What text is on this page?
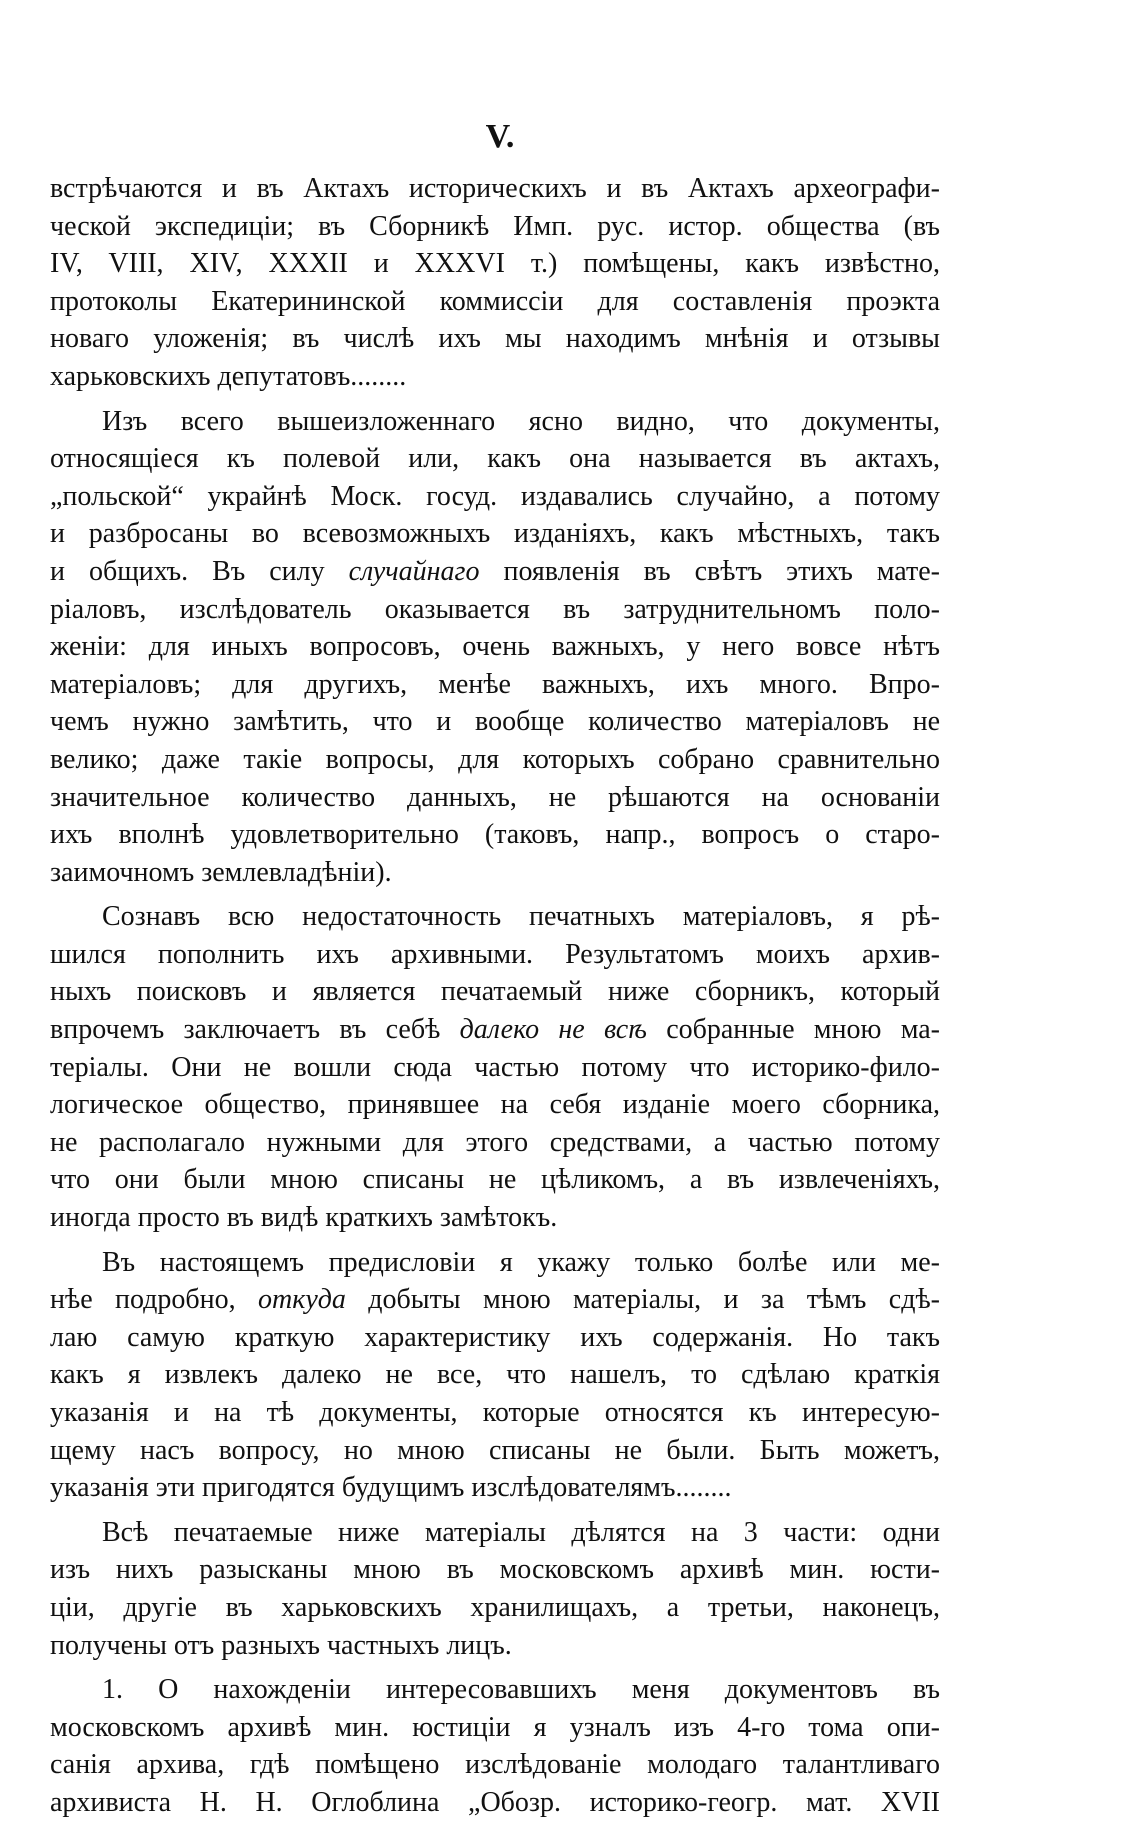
V.
встрѣчаются и въ Актахъ историческихъ и въ Актахъ археографи-
ческой экспедиціи; въ Сборникѣ Имп. рус. истор. общества (въ
IV, VIII, XIV, XXXII и XXXVI т.) помѣщены, какъ извѣстно,
протоколы Екатерининской коммиссіи для составленія проэкта
новаго уложенія; въ числѣ ихъ мы находимъ мнѣнія и отзывы
харьковскихъ депутатовъ........
Изъ всего вышеизложеннаго ясно видно, что документы,
относящіеся къ полевой или, какъ она называется въ актахъ,
„польской“ украйнѣ Моск. госуд. издавались случайно, а потому
и разбросаны во всевозможныхъ изданіяхъ, какъ мѣстныхъ, такъ
и общихъ. Въ силу случайнаго появленія въ свѣтъ этихъ мате-
ріаловъ, изслѣдователь оказывается въ затруднительномъ поло-
женіи: для иныхъ вопросовъ, очень важныхъ, у него вовсе нѣтъ
матеріаловъ; для другихъ, менѣе важныхъ, ихъ много. Впро-
чемъ нужно замѣтить, что и вообще количество матеріаловъ не
велико; даже такіе вопросы, для которыхъ собрано сравнительно
значительное количество данныхъ, не рѣшаются на основаніи
ихъ вполнѣ удовлетворительно (таковъ, напр., вопросъ о старо-
заимочномъ землевладѣніи).
Сознавъ всю недостаточность печатныхъ матеріаловъ, я рѣ-
шился пополнить ихъ архивными. Результатомъ моихъ архив-
ныхъ поисковъ и является печатаемый ниже сборникъ, который
впрочемъ заключаетъ въ себѣ далеко не всѣ собранные мною ма-
теріалы. Они не вошли сюда частью потому что историко-фило-
логическое общество, принявшее на себя изданіе моего сборника,
не располагало нужными для этого средствами, а частью потому
что они были мною списаны не цѣликомъ, а въ извлеченіяхъ,
иногда просто въ видѣ краткихъ замѣтокъ.
Въ настоящемъ предисловіи я укажу только болѣе или ме-
нѣе подробно, откуда добыты мною матеріалы, и за тѣмъ сдѣ-
лаю самую краткую характеристику ихъ содержанія. Но такъ
какъ я извлекъ далеко не все, что нашелъ, то сдѣлаю краткія
указанія и на тѣ документы, которые относятся къ интересую-
щему насъ вопросу, но мною списаны не были. Быть можетъ,
указанія эти пригодятся будущимъ изслѣдователямъ........
Всѣ печатаемые ниже матеріалы дѣлятся на 3 части: одни
изъ нихъ разысканы мною въ московскомъ архивѣ мин. юсти-
ціи, другіе въ харьковскихъ хранилищахъ, а третьи, наконецъ,
получены отъ разныхъ частныхъ лицъ.
1. О нахожденіи интересовавшихъ меня документовъ въ
московскомъ архивѣ мин. юстиціи я узналъ изъ 4-го тома опи-
санія архива, гдѣ помѣщено изслѣдованіе молодаго талантливаго
архивиста Н. Н. Оглоблина „Обозр. историко-геогр. мат. XVII
